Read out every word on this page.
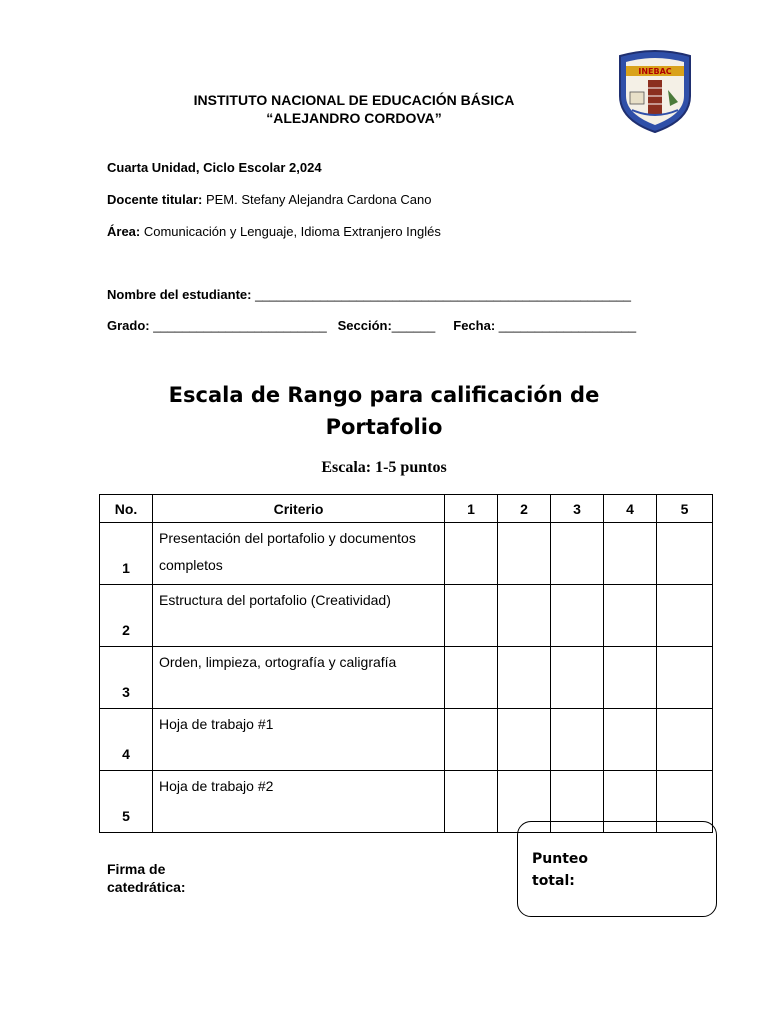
INSTITUTO NACIONAL DE EDUCACIÓN BÁSICA
“ALEJANDRO CORDOVA”
INEBAC
Cuarta Unidad, Ciclo Escolar 2,024
Docente titular: PEM. Stefany Alejandra Cardona Cano
Área: Comunicación y Lenguaje, Idioma Extranjero Inglés
Nombre del estudiante: ____________________________________________________
Grado: ________________________ Sección:______ Fecha: ___________________
Escala de Rango para calificación de
Portafolio
Escala: 1-5 puntos
No.	Criterio	1	2	3	4	5
1	Presentación del portafolio y documentos completos					
2	Estructura del portafolio (Creatividad)					
3	Orden, limpieza, ortografía y caligrafía					
4	Hoja de trabajo #1					
5	Hoja de trabajo #2					
Firma de
catedrática:
Punteo
total:
